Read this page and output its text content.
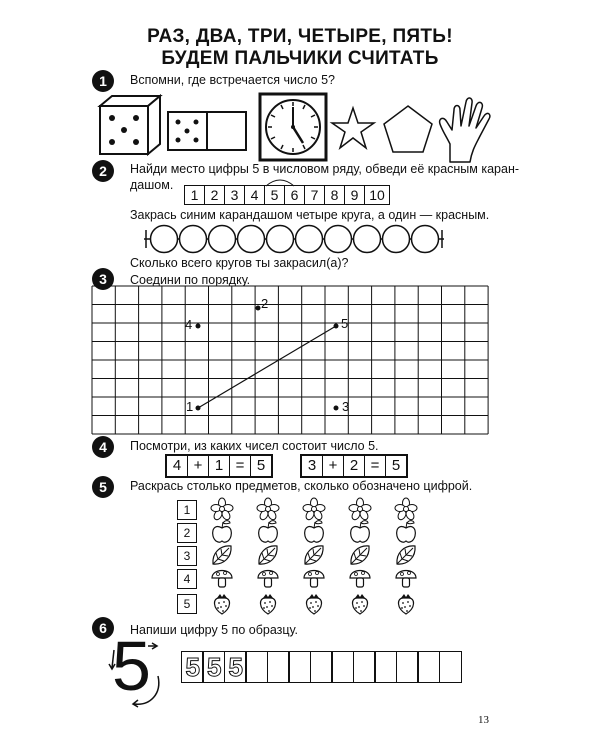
РАЗ, ДВА, ТРИ, ЧЕТЫРЕ, ПЯТЬ!
БУДЕМ ПАЛЬЧИКИ СЧИТАТЬ
1	Вспомни, где встречается число 5?
2	Найди место цифры 5 в числовом ряду, обведи её красным каран-
дашом.
1 2 3 4 5 6 7 8 9 10
Закрась синим карандашом четыре круга, а один — красным.
Сколько всего кругов ты закрасил(а)?
3	Соедини по порядку.
1
2
3
4	5
4	Посмотри, из каких чисел состоит число 5.
4 + 1 = 5	3 + 2 = 5
5	Раскрась столько предметов, сколько обозначено цифрой.
1
2
3
4
5
6	Напиши цифру 5 по образцу.
5 5 5 5
13
